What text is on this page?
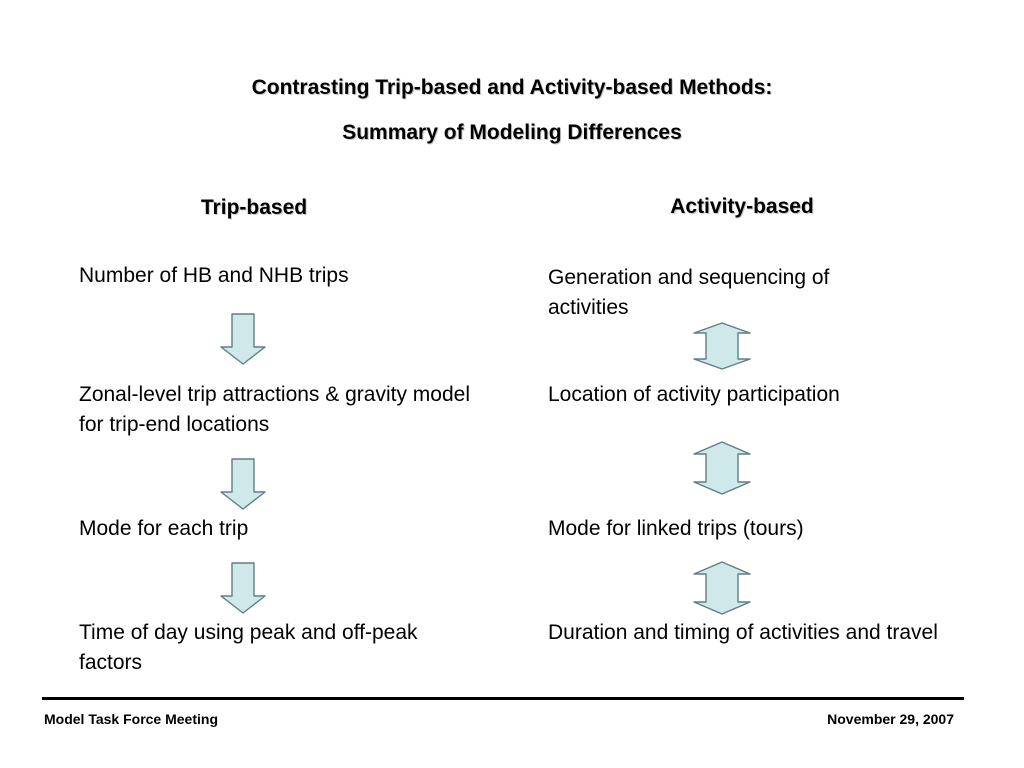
Contrasting Trip-based and Activity-based Methods:
Summary of Modeling Differences
Trip-based	Activity-based
Number of HB and NHB trips
Zonal-level trip attractions & gravity model for trip-end locations
Mode for each trip
Time of day using peak and off-peak factors
Generation and sequencing of activities
Location of activity participation
Mode for linked trips (tours)
Duration and timing of activities and travel
Model Task Force Meeting	November 29, 2007
